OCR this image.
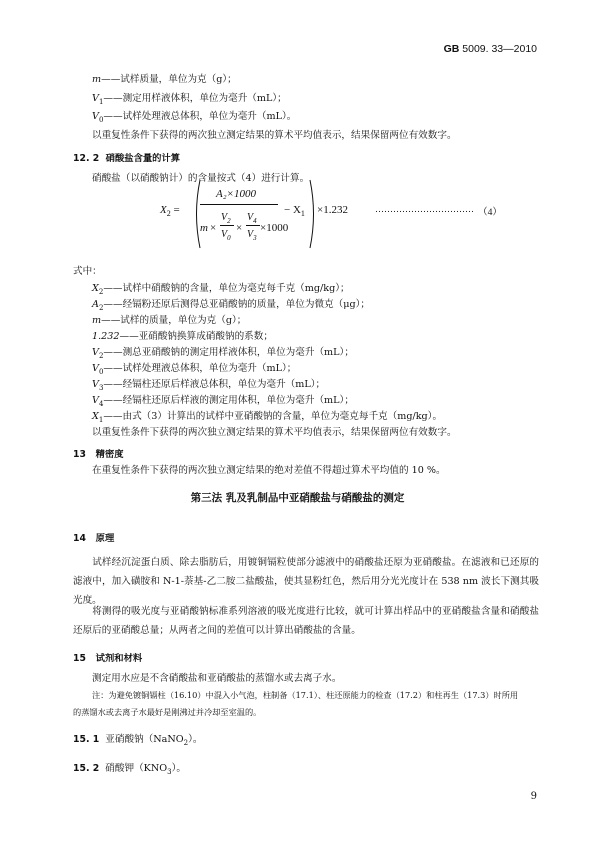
GB 5009. 33—2010
m——试样质量，单位为克（g）；
$V_1——$测定用样液体积，单位为毫升（mL）；
$V_0——$试样处理液总体积，单位为毫升（mL）。
以重复性条件下获得的两次独立测定结果的算术平均值表示，结果保留两位有效数字。
12. 2 硝酸盐含量的计算
硝酸盐（以硝酸钠计）的含量按式（4）进行计算。
$X_2$ =
A₂×1000
m ×
$V_2$
$V_0$
×
$V_4$
$V_3$
×1000
− $X_1 \times 1.232$	…………………………… （4）
式中：
$X_2——$试样中硝酸钠的含量，单位为毫克每千克（mg/kg）；
$A_2——$经镉粉还原后测得总亚硝酸钠的质量，单位为微克（μg）；
m——试样的质量，单位为克（g）；
1.232——亚硝酸钠换算成硝酸钠的系数；
$V_2——$测总亚硝酸钠的测定用样液体积，单位为毫升（mL）；
$V_0——$试样处理液总体积，单位为毫升（mL）；
$V_3——$经镉柱还原后样液总体积，单位为毫升（mL）；
$V_4——$经镉柱还原后样液的测定用体积，单位为毫升（mL）；
$X_1——$由式（3）计算出的试样中亚硝酸钠的含量，单位为毫克每千克（mg/kg）。
以重复性条件下获得的两次独立测定结果的算术平均值表示，结果保留两位有效数字。
13 精密度
在重复性条件下获得的两次独立测定结果的绝对差值不得超过算术平均值的 10 %。
第三法 乳及乳制品中亚硝酸盐与硝酸盐的测定
14 原理
试样经沉淀蛋白质、除去脂肪后，用镀铜镉粒使部分滤液中的硝酸盐还原为亚硝酸盐。在滤液和已还原的滤液中，加入磺胺和 N-1-萘基-乙二胺二盐酸盐，使其显粉红色，然后用分光光度计在 538 nm 波长下测其吸光度。
将测得的吸光度与亚硝酸钠标准系列溶液的吸光度进行比较，就可计算出样品中的亚硝酸盐含量和硝酸盐还原后的亚硝酸总量；从两者之间的差值可以计算出硝酸盐的含量。
15 试剂和材料
测定用水应是不含硝酸盐和亚硝酸盐的蒸馏水或去离子水。
注：为避免镀铜镉柱（16.10）中混入小气泡，柱制备（17.1）、柱还原能力的检查（17.2）和柱再生（17.3）时所用
的蒸馏水或去离子水最好是刚沸过并冷却至室温的。
15. 1 亚硝酸钠（NaNO$_2$）。
15. 2 硝酸钾$(KNO_3)$。
9
